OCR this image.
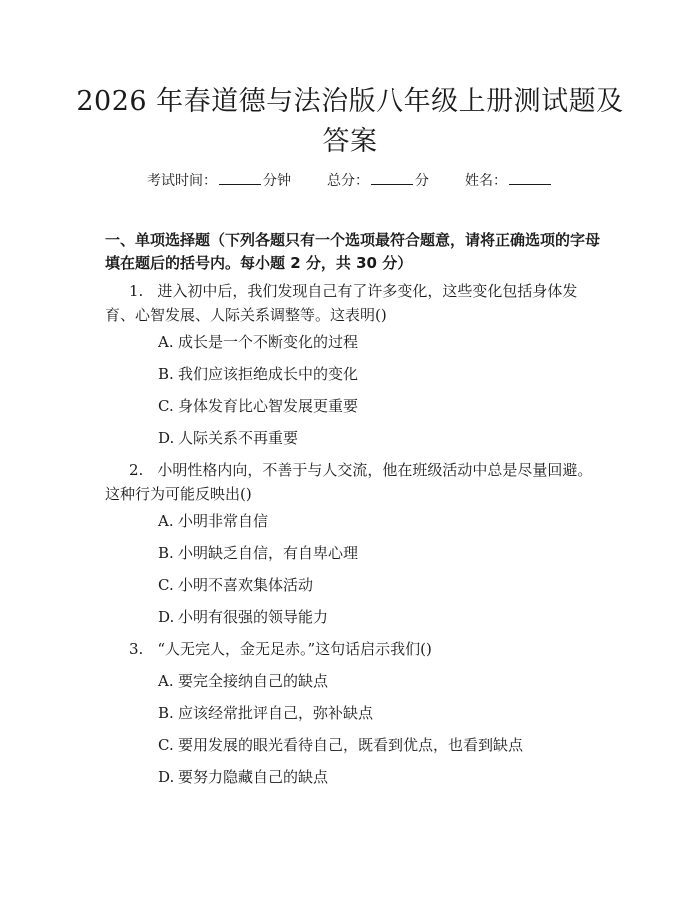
2026 年春道德与法治版八年级上册测试题及答案
考试时间：	分钟	总分：	分	姓名：
一、单项选择题（下列各题只有一个选项最符合题意，请将正确选项的字母填在题后的括号内。每小题 2 分，共 30 分）
1. 进入初中后，我们发现自己有了许多变化，这些变化包括身体发育、心智发展、人际关系调整等。这表明()
A. 成长是一个不断变化的过程
B. 我们应该拒绝成长中的变化
C. 身体发育比心智发展更重要
D. 人际关系不再重要
2. 小明性格内向，不善于与人交流，他在班级活动中总是尽量回避。这种行为可能反映出()
A. 小明非常自信
B. 小明缺乏自信，有自卑心理
C. 小明不喜欢集体活动
D. 小明有很强的领导能力
3. “人无完人，金无足赤。”这句话启示我们()
A. 要完全接纳自己的缺点
B. 应该经常批评自己，弥补缺点
C. 要用发展的眼光看待自己，既看到优点，也看到缺点
D. 要努力隐藏自己的缺点
